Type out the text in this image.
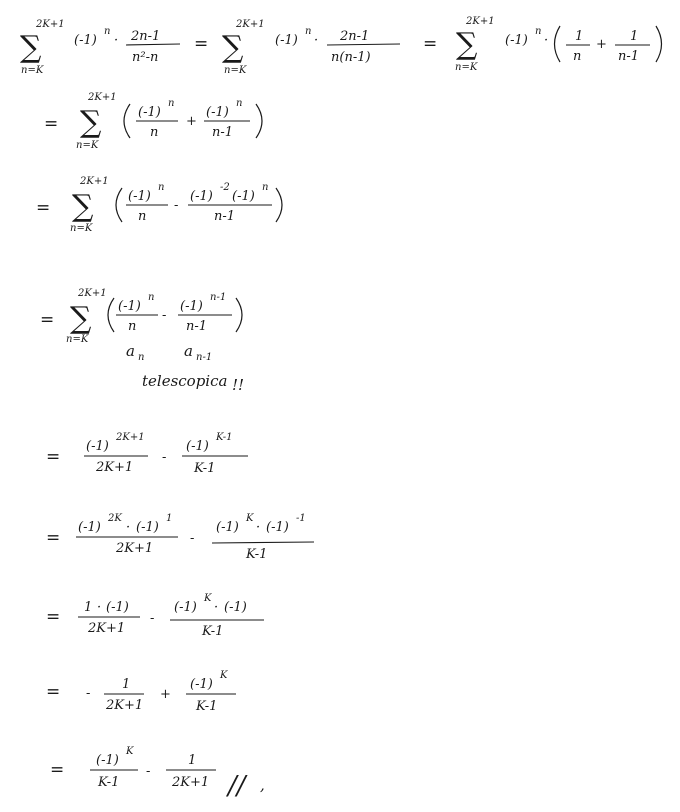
2K+1
∑
n=K
(-1)
n
· 2n-1
n²-n
=
2K+1
∑
n=K
(-1)
n
· 2n-1
n(n-1)
=
2K+1
∑
n=K
(-1)
n
· 1
n
+
1
n-1
=
2K+1
∑
n=K
(-1)
n
n
+
(-1)
n
n-1
=
2K+1
∑
n=K
(-1)
n
n
-
(-1)
-2
(-1)
n
n-1
=
2K+1
∑
n=K
(-1)
n
n
-
(-1)
n-1
n-1
a n	a n-1
telescopica !!
=
(-1)
2K+1
2K+1
-
(-1)
K-1
K-1
=
(-1)
2K
· (-1)
1
2K+1
-
(-1)
K
· (-1)
-1
K-1
= 1 · (-1)
2K+1
-
(-1)
K
· (-1)
K-1
= -
1
2K+1
+
(-1)
K
K-1
= (-1)
K
K-1
-
1
2K+1 // ,
